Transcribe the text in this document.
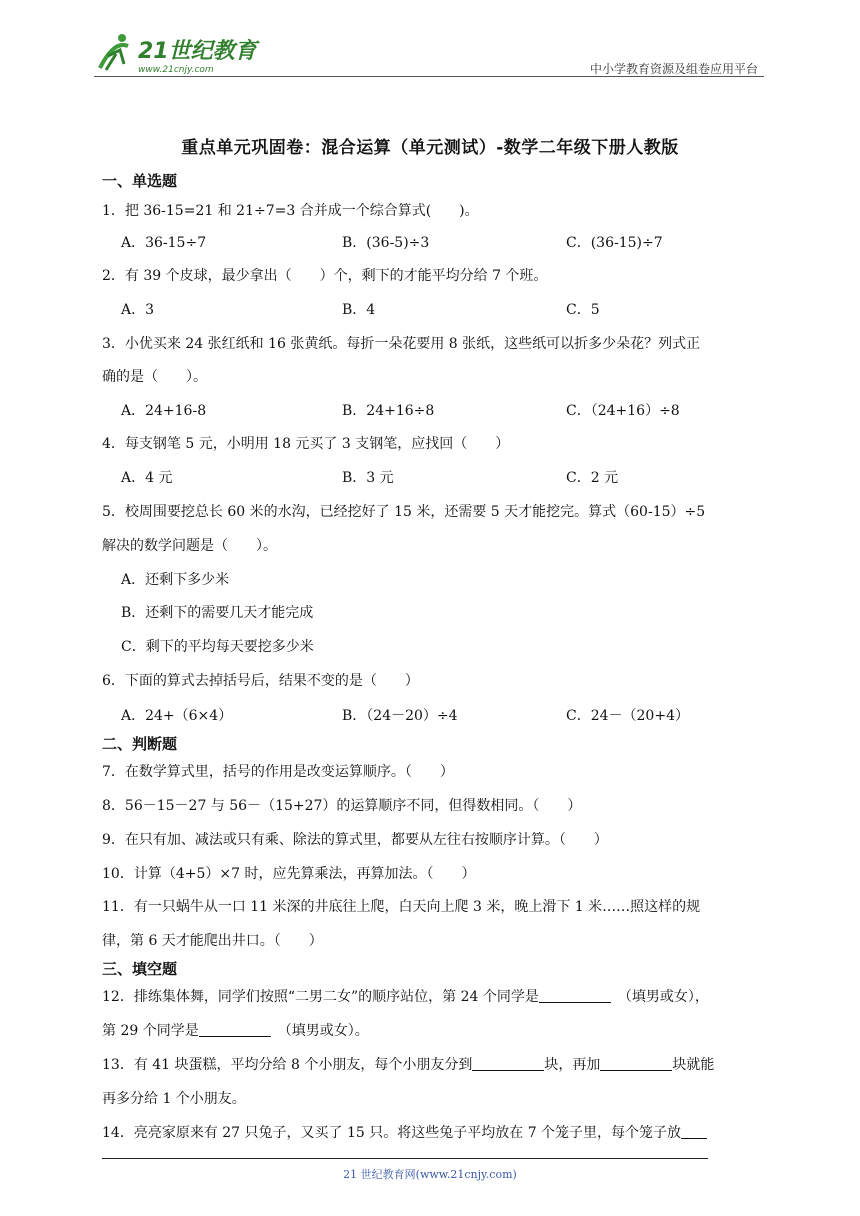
21世纪教育
www.21cnjy.com	中小学教育资源及组卷应用平台
重点单元巩固卷：混合运算（单元测试）-数学二年级下册人教版
一、单选题
1．把 36-15=21 和 21÷7=3 合并成一个综合算式(　　)。
A．36-15÷7	B．(36-5)÷3	C．(36-15)÷7
2．有 39 个皮球，最少拿出（　　）个，剩下的才能平均分给 7 个班。
A．3	B．4	C．5
3．小优买来 24 张红纸和 16 张黄纸。每折一朵花要用 8 张纸，这些纸可以折多少朵花？列式正
确的是（　　）。
A．24+16-8	B．24+16÷8	C．（24+16）÷8
4．每支钢笔 5 元，小明用 18 元买了 3 支钢笔，应找回（　　）
A．4 元	B．3 元	C．2 元
5．校周围要挖总长 60 米的水沟，已经挖好了 15 米，还需要 5 天才能挖完。算式（60-15）÷5
解决的数学问题是（　　）。
A．还剩下多少米
B．还剩下的需要几天才能完成
C．剩下的平均每天要挖多少米
6．下面的算式去掉括号后，结果不变的是（　　）
A．24+（6×4）	B．（24－20）÷4	C．24－（20+4）
二、判断题
7．在数学算式里，括号的作用是改变运算顺序。（　　）
8．56－15－27 与 56－（15+27）的运算顺序不同，但得数相同。（　　）
9．在只有加、减法或只有乘、除法的算式里，都要从左往右按顺序计算。（　　）
10．计算（4+5）×7 时，应先算乘法，再算加法。（　　）
11．有一只蜗牛从一口 11 米深的井底往上爬，白天向上爬 3 米，晚上滑下 1 米……照这样的规
律，第 6 天才能爬出井口。（　　）
三、填空题
12．排练集体舞，同学们按照“二男二女”的顺序站位，第 24 个同学是　	（填男或女），
第 29 个同学是　	（填男或女）。
13．有 41 块蛋糕，平均分给 8 个小朋友，每个小朋友分到	块，再加	块就能
再多分给 1 个小朋友。
14．亮亮家原来有 27 只兔子，又买了 15 只。将这些兔子平均放在 7 个笼子里，每个笼子放
21 世纪教育网(www.21cnjy.com)
